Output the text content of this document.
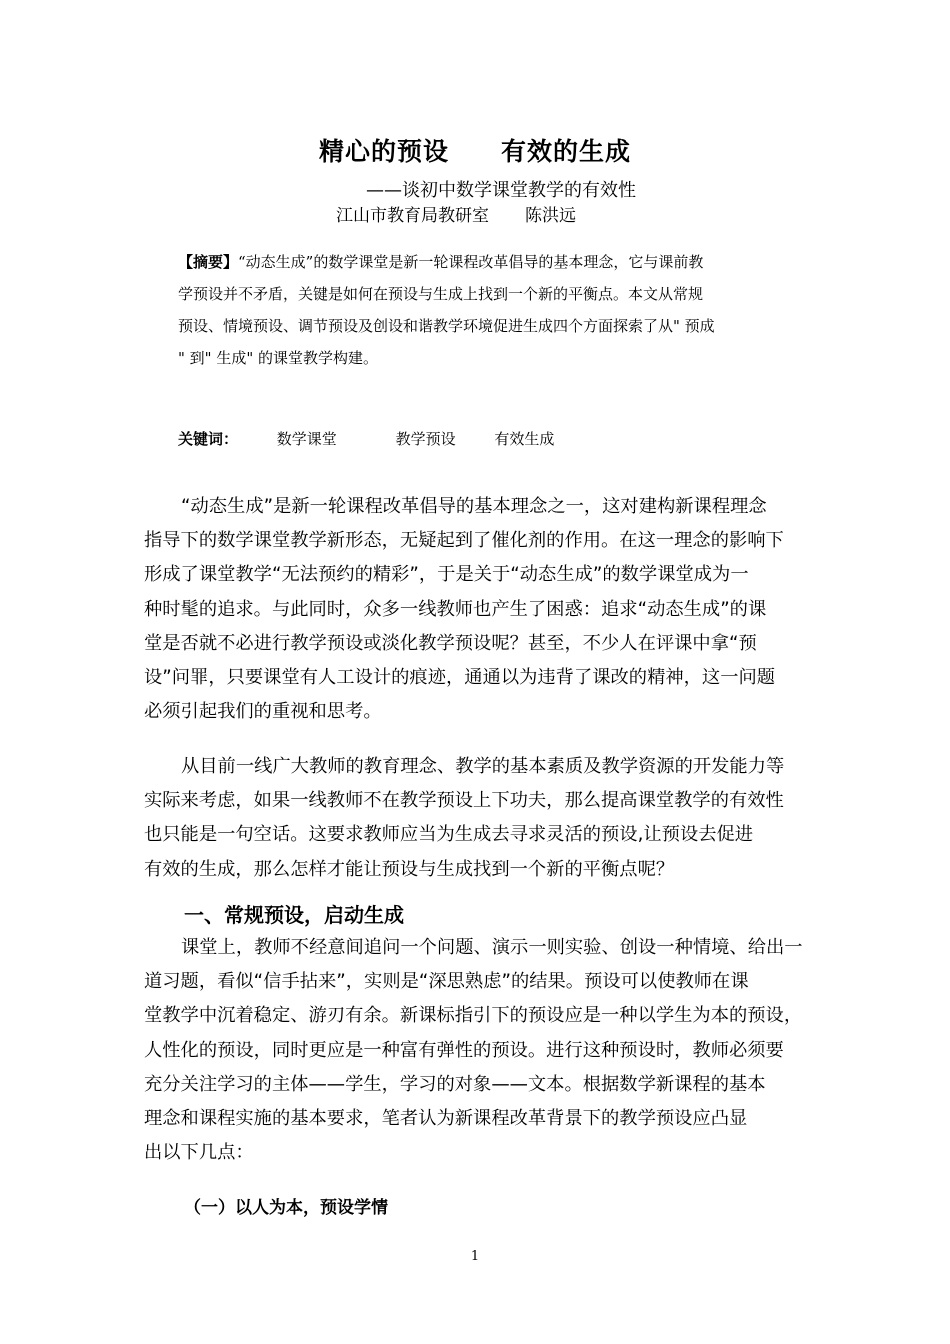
精心的预设 有效的生成
——谈初中数学课堂教学的有效性
江山市教育局教研室 陈洪远
【摘要】“动态生成”的数学课堂是新一轮课程改革倡导的基本理念，它与课前教
学预设并不矛盾，关键是如何在预设与生成上找到一个新的平衡点。本文从常规
预设、情境预设、调节预设及创设和谐教学环境促进生成四个方面探索了从" 预成
" 到" 生成" 的课堂教学构建。
关键词：	数学课堂	教学预设	有效生成
“动态生成”是新一轮课程改革倡导的基本理念之一，这对建构新课程理念
指导下的数学课堂教学新形态，无疑起到了催化剂的作用。在这一理念的影响下
形成了课堂教学“无法预约的精彩”，于是关于“动态生成”的数学课堂成为一
种时髦的追求。与此同时，众多一线教师也产生了困惑：追求“动态生成”的课
堂是否就不必进行教学预设或淡化教学预设呢？甚至，不少人在评课中拿“预
设”问罪，只要课堂有人工设计的痕迹，通通以为违背了课改的精神，这一问题
必须引起我们的重视和思考。
从目前一线广大教师的教育理念、教学的基本素质及教学资源的开发能力等
实际来考虑，如果一线教师不在教学预设上下功夫，那么提高课堂教学的有效性
也只能是一句空话。这要求教师应当为生成去寻求灵活的预设,让预设去促进
有效的生成，那么怎样才能让预设与生成找到一个新的平衡点呢？
一、常规预设，启动生成
课堂上，教师不经意间追问一个问题、演示一则实验、创设一种情境、给出一
道习题，看似“信手拈来”，实则是“深思熟虑”的结果。预设可以使教师在课
堂教学中沉着稳定、游刃有余。新课标指引下的预设应是一种以学生为本的预设，
人性化的预设，同时更应是一种富有弹性的预设。进行这种预设时，教师必须要
充分关注学习的主体——学生，学习的对象——文本。根据数学新课程的基本
理念和课程实施的基本要求，笔者认为新课程改革背景下的教学预设应凸显
出以下几点：
（一）以人为本，预设学情
1
